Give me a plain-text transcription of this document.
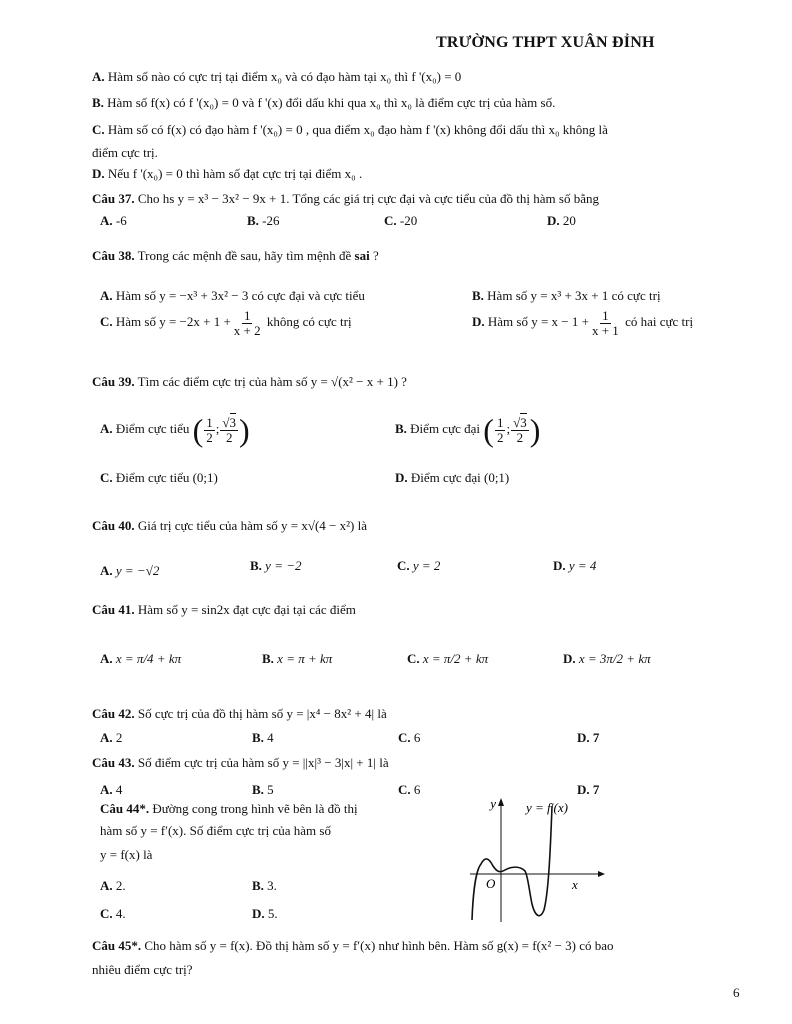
TRƯỜNG THPT XUÂN ĐỈNH
A. Hàm số nào có cực trị tại điểm x₀ và có đạo hàm tại x₀ thì f '(x₀) = 0
B. Hàm số f(x) có f '(x₀) = 0 và f '(x) đổi dấu khi qua x₀ thì x₀ là điểm cực trị của hàm số.
C. Hàm số có f(x) có đạo hàm f '(x₀) = 0 , qua điểm x₀ đạo hàm f '(x) không đổi dấu thì x₀ không là
điểm cực trị.
D. Nếu f '(x₀) = 0 thì hàm số đạt cực trị tại điểm x₀ .
Câu 37. Cho hs y = x³ − 3x² − 9x + 1. Tổng các giá trị cực đại và cực tiểu của đồ thị hàm số bằng
A. -6	B. -26	C. -20	D. 20
Câu 38. Trong các mệnh đề sau, hãy tìm mệnh đề sai ?
A. Hàm số y = −x³ + 3x² − 3 có cực đại và cực tiểu	B. Hàm số y = x³ + 3x + 1 có cực trị
C. Hàm số $y = -2x + 1 + \frac{1}{x + 2}$ không có cực trị	D. Hàm số $y = x - 1 + \frac{1}{x + 1}$ có hai cực trị
Câu 39. Tìm các điểm cực trị của hàm số y = √(x² − x + 1) ?
A. Điểm cực tiểu ( $\frac{1}{2}$ ; $\frac{√3}{2}$ )	B. Điểm cực đại ( $\frac{1}{2}$ ; $\frac{√3}{2}$ )
C. Điểm cực tiểu (0;1)	D. Điểm cực đại (0;1)
Câu 40. Giá trị cực tiểu của hàm số y = x√(4 − x²) là
A. y = −√2	B. y = −2	C. y = 2	D. y = 4
Câu 41. Hàm số y = sin2x đạt cực đại tại các điểm
A. x = π/4 + kπ	B. x = π + kπ	C. x = π/2 + kπ	D. x = 3π/2 + kπ
Câu 42. Số cực trị của đồ thị hàm số y = |x⁴ − 8x² + 4| là
A. 2	B. 4	C. 6	D. 7
Câu 43. Số điểm cực trị của hàm số y = ||x|³ − 3|x| + 1| là
A. 4	B. 5	C. 6	D. 7
Câu 44*. Đường cong trong hình vẽ bên là đồ thị
hàm số y = f′(x). Số điểm cực trị của hàm số
y = f(x) là
A. 2.	B. 3.
C. 4.	D. 5.
y
x
O
y = f′(x)
Câu 45*. Cho hàm số y = f(x). Đồ thị hàm số y = f′(x) như hình bên. Hàm số g(x) = f(x² − 3) có bao
nhiêu điểm cực trị?
6
